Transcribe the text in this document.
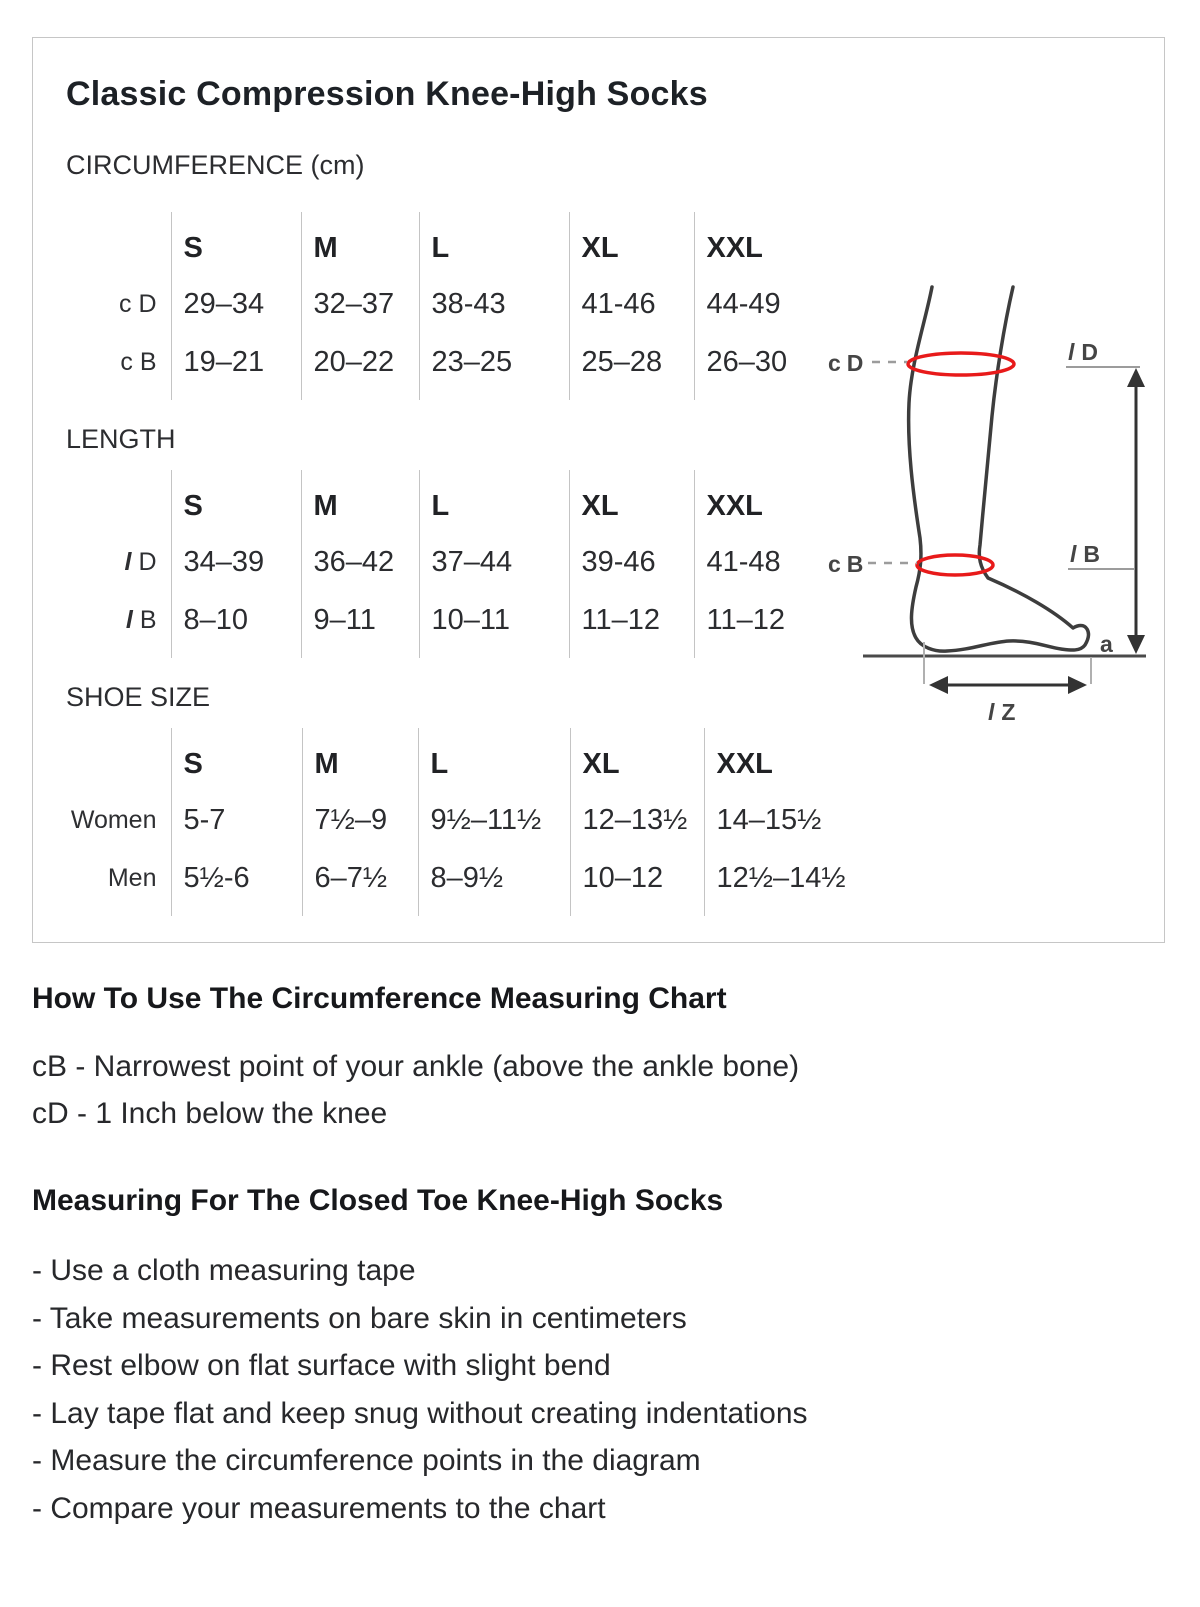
Classic Compression Knee-High Socks
CIRCUMFERENCE (cm)
	S	M	L	XL	XXL
c D	29–34	32–37	38-43	41-46	44-49
c B	19–21	20–22	23–25	25–28	26–30
LENGTH
	S	M	L	XL	XXL
l D	34–39	36–42	37–44	39-46	41-48
l B	8–10	9–11	10–11	11–12	11–12
SHOE SIZE
	S	M	L	XL	XXL
Women	5-7	7½–9	9½–11½	12–13½	14–15½
Men	5½-6	6–7½	8–9½	10–12	12½–14½
c D
c B
l D
l B
a
l Z
How To Use The Circumference Measuring Chart
cB - Narrowest point of your ankle (above the ankle bone)
cD - 1 Inch below the knee
Measuring For The Closed Toe Knee-High Socks
- Use a cloth measuring tape
- Take measurements on bare skin in centimeters
- Rest elbow on flat surface with slight bend
- Lay tape flat and keep snug without creating indentations
- Measure the circumference points in the diagram
- Compare your measurements to the chart
